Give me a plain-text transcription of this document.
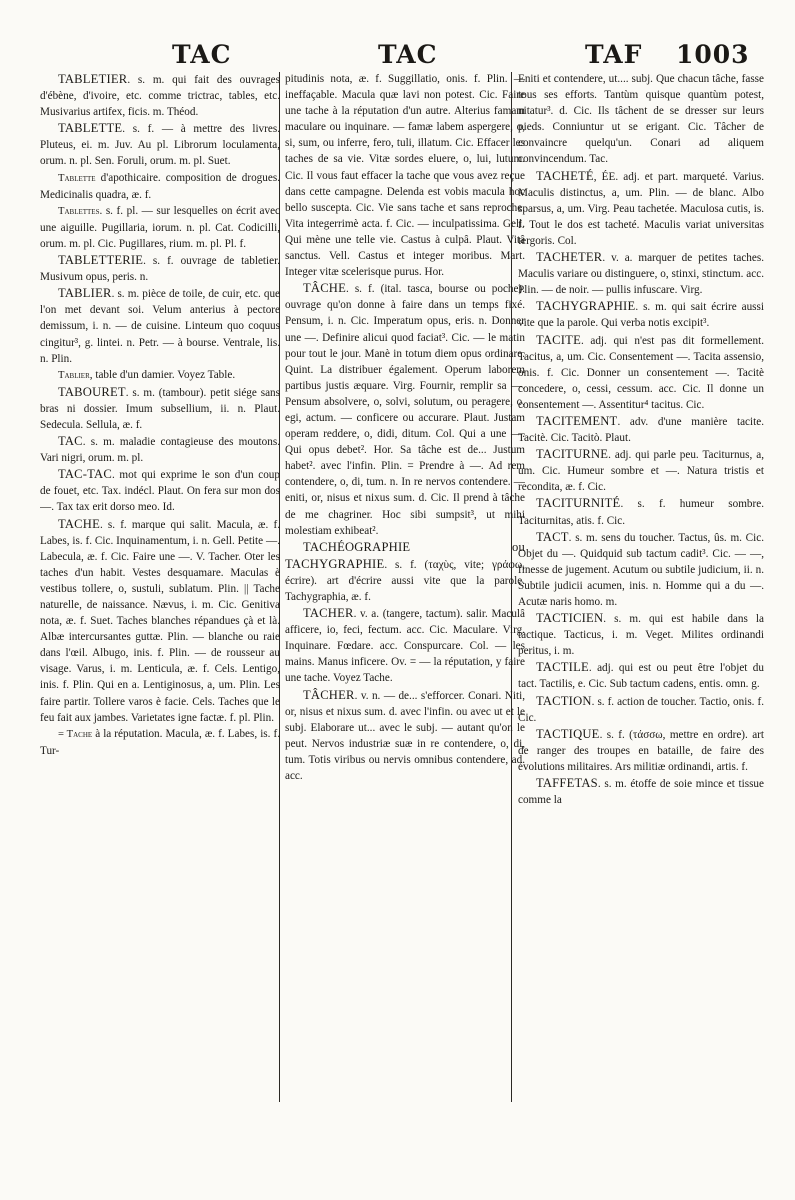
TAC	TAC	TAF 1003

TABLETIER. s. m. qui fait des ouvrages d'ébène, d'ivoire, etc. comme trictrac, tables, etc. Musivarius artifex, ficis. m. Théod.

TABLETTE. s. f. — à mettre des livres. Pluteus, ei. m. Juv. Au pl. Librorum loculamenta, orum. n. pl. Sen. Foruli, orum. m. pl. Suet.

Tablette d'apothicaire. composition de drogues. Medicinalis quadra, æ. f.

Tablettes. s. f. pl. — sur lesquelles on écrit avec une aiguille. Pugillaria, iorum. n. pl. Cat. Codicilli, orum. m. pl. Cic. Pugillares, rium. m. pl. Pl. f.

TABLETTERIE. s. f. ouvrage de tabletier. Musivum opus, peris. n.

TABLIER. s. m. pièce de toile, de cuir, etc. que l'on met devant soi. Velum anterius à pectore demissum, i. n. — de cuisine. Linteum quo coquus cingitur³, g. lintei. n. Petr. — à bourse. Ventrale, lis. n. Plin.

Tablier, table d'un damier. Voyez Table.

TABOURET. s. m. (tambour). petit siége sans bras ni dossier. Imum subsellium, ii. n. Plaut. Sedecula. Sellula, æ. f.

TAC. s. m. maladie contagieuse des moutons. Vari nigri, orum. m. pl.

TAC-TAC. mot qui exprime le son d'un coup de fouet, etc. Tax. indécl. Plaut. On fera sur mon dos —. Tax tax erit dorso meo. Id.

TACHE. s. f. marque qui salit. Macula, æ. f. Labes, is. f. Cic. Inquinamentum, i. n. Gell. Petite —. Labecula, æ. f. Cic. Faire une —. V. Tacher. Oter les taches d'un habit. Vestes desquamare. Maculas è vestibus tollere, o, sustuli, sublatum. Plin. || Tache naturelle, de naissance. Nævus, i. m. Cic. Genitiva nota, æ. f. Suet. Taches blanches répandues çà et là. Albæ intercursantes guttæ. Plin. — blanche ou raie dans l'œil. Albugo, inis. f. Plin. — de rousseur au visage. Varus, i. m. Lenticula, æ. f. Cels. Lentigo, inis. f. Plin. Qui en a. Lentiginosus, a, um. Plin. Les faire partir. Tollere varos è facie. Cels. Taches que le feu fait aux jambes. Varietates igne factæ. f. pl. Plin.

= Tache à la réputation. Macula, æ. f. Labes, is. f. Tur-

pitudinis nota, æ. f. Suggillatio, onis. f. Plin. — ineffaçable. Macula quæ lavi non potest. Cic. Faire une tache à la réputation d'un autre. Alterius famam maculare ou inquinare. — famæ labem aspergere, o, si, sum, ou inferre, fero, tuli, illatum. Cic. Effacer les taches de sa vie. Vitæ sordes eluere, o, lui, lutum. Cic. Il vous faut effacer la tache que vous avez reçue dans cette campagne. Delenda est vobis macula hoc bello suscepta. Cic. Vie sans tache et sans reproche. Vita integerrimè acta. f. Cic. — inculpatissima. Gell. Qui mène une telle vie. Castus à culpâ. Plaut. Vitâ sanctus. Vell. Castus et integer moribus. Mart. Integer vitæ scelerisque purus. Hor.

TÂCHE. s. f. (ital. tasca, bourse ou poche). ouvrage qu'on donne à faire dans un temps fixé. Pensum, i. n. Cic. Imperatum opus, eris. n. Donner une —. Definire alicui quod faciat³. Cic. — le matin pour tout le jour. Manè in totum diem opus ordinare. Quint. La distribuer également. Operum laborem partibus justis æquare. Virg. Fournir, remplir sa —. Pensum absolvere, o, solvi, solutum, ou peragere, o, egi, actum. — conficere ou accurare. Plaut. Justam operam reddere, o, didi, ditum. Col. Qui a une —. Qui opus debet². Hor. Sa tâche est de... Justum habet². avec l'infin. Plin. = Prendre à —. Ad rem contendere, o, di, tum. n. In re nervos contendere. — eniti, or, nisus et nixus sum. d. Cic. Il prend à tâche de me chagriner. Hoc sibi sumpsit³, ut mihi molestiam exhibeat².

TACHÉOGRAPHIE ou TACHYGRAPHIE. s. f. (ταχὺς, vite; γράφω, écrire). art d'écrire aussi vite que la parole. Tachygraphia, æ. f.

TACHER. v. a. (tangere, tactum). salir. Maculâ afficere, io, feci, fectum. acc. Cic. Maculare. Virg. Inquinare. Fœdare. acc. Conspurcare. Col. — les mains. Manus inficere. Ov. = — la réputation, y faire une tache. Voyez Tache.

TÂCHER. v. n. — de... s'efforcer. Conari. Niti, or, nisus et nixus sum. d. avec l'infin. ou avec ut et le subj. Elaborare ut... avec le subj. — autant qu'on le peut. Nervos industriæ suæ in re contendere, o, di, tum. Totis viribus ou nervis omnibus contendere, ad. acc.

Eniti et contendere, ut.... subj. Que chacun tâche, fasse tous ses efforts. Tantùm quisque quantùm potest, nitatur³. d. Cic. Ils tâchent de se dresser sur leurs pieds. Conniuntur ut se erigant. Cic. Tâcher de convaincre quelqu'un. Conari ad aliquem convincendum. Tac.

TACHETÉ, ÉE. adj. et part. marqueté. Varius. Maculis distinctus, a, um. Plin. — de blanc. Albo sparsus, a, um. Virg. Peau tachetée. Maculosa cutis, is. f. Tout le dos est tacheté. Maculis variat universitas tergoris. Col.

TACHETER. v. a. marquer de petites taches. Maculis variare ou distinguere, o, stinxi, stinctum. acc. Plin. — de noir. — pullis infuscare. Virg.

TACHYGRAPHIE. s. m. qui sait écrire aussi vite que la parole. Qui verba notis excipit³.

TACITE. adj. qui n'est pas dit formellement. Tacitus, a, um. Cic. Consentement —. Tacita assensio, onis. f. Cic. Donner un consentement —. Tacitè concedere, o, cessi, cessum. acc. Cic. Il donne un consentement —. Assentitur⁴ tacitus. Cic.

TACITEMENT. adv. d'une manière tacite. Tacitè. Cic. Tacitò. Plaut.

TACITURNE. adj. qui parle peu. Taciturnus, a, um. Cic. Humeur sombre et —. Natura tristis et recondita, æ. f. Cic.

TACITURNITÉ. s. f. humeur sombre. Taciturnitas, atis. f. Cic.

TACT. s. m. sens du toucher. Tactus, ûs. m. Cic. Objet du —. Quidquid sub tactum cadit³. Cic. — —, finesse de jugement. Acutum ou subtile judicium, ii. n. Subtile judicii acumen, inis. n. Homme qui a du —. Acutæ naris homo. m.

TACTICIEN. s. m. qui est habile dans la tactique. Tacticus, i. m. Veget. Milites ordinandi peritus, i. m.

TACTILE. adj. qui est ou peut être l'objet du tact. Tactilis, e. Cic. Sub tactum cadens, entis. omn. g.

TACTION. s. f. action de toucher. Tactio, onis. f. Cic.

TACTIQUE. s. f. (τάσσω, mettre en ordre). art de ranger des troupes en bataille, de faire des évolutions militaires. Ars militiæ ordinandi, artis. f.

TAFFETAS. s. m. étoffe de soie mince et tissue comme la
